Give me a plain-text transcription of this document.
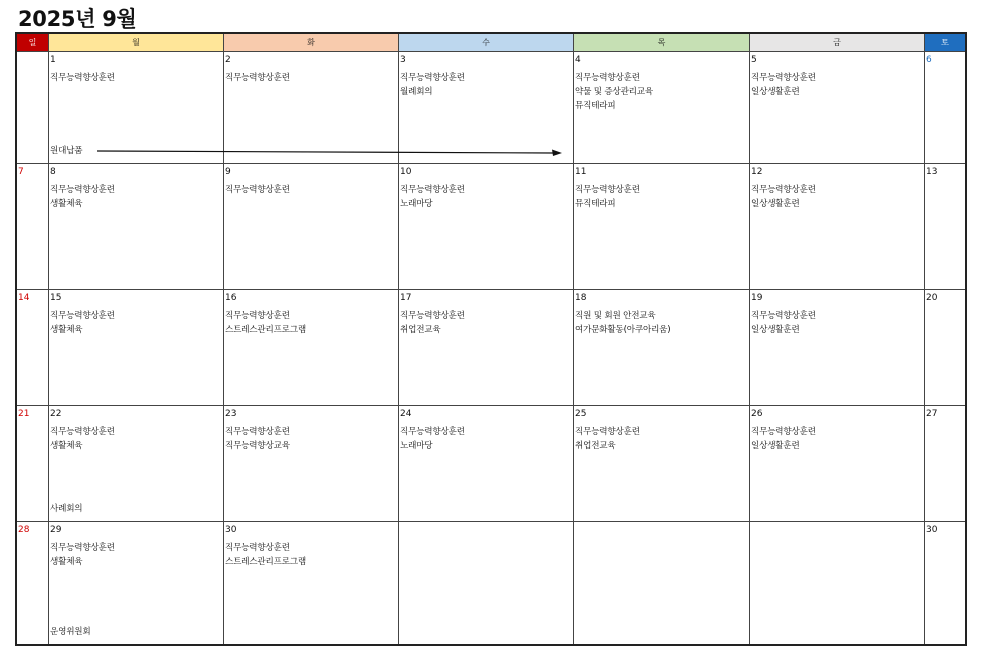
2025년 9월
토
금
목
수
화
월
일
1
직무능력향상훈련
원대납품
2
직무능력향상훈련
3
직무능력향상훈련
월례회의
4
직무능력향상훈련
약물 및 증상관리교육
뮤직테라피
5
직무능력향상훈련
일상생활훈련
6
7	8
직무능력향상훈련
생활체육
9
직무능력향상훈련
10
직무능력향상훈련
노래마당
11
직무능력향상훈련
뮤직테라피
12
직무능력향상훈련
일상생활훈련
13
14 15
직무능력향상훈련
생활체육
16
직무능력향상훈련
스트레스관리프로그램
17
직무능력향상훈련
취업전교육
18
직원 및 회원 안전교육
여가문화활동(아쿠아리움)
19
직무능력향상훈련
일상생활훈련
20
21 22
직무능력향상훈련
생활체육
사례회의
23
직무능력향상훈련
직무능력향상교육
24
직무능력향상훈련
노래마당
25
직무능력향상훈련
취업전교육
26
직무능력향상훈련
일상생활훈련
27
28 29
직무능력향상훈련
생활체육
운영위원회
30
직무능력향상훈련
스트레스관리프로그램
30
